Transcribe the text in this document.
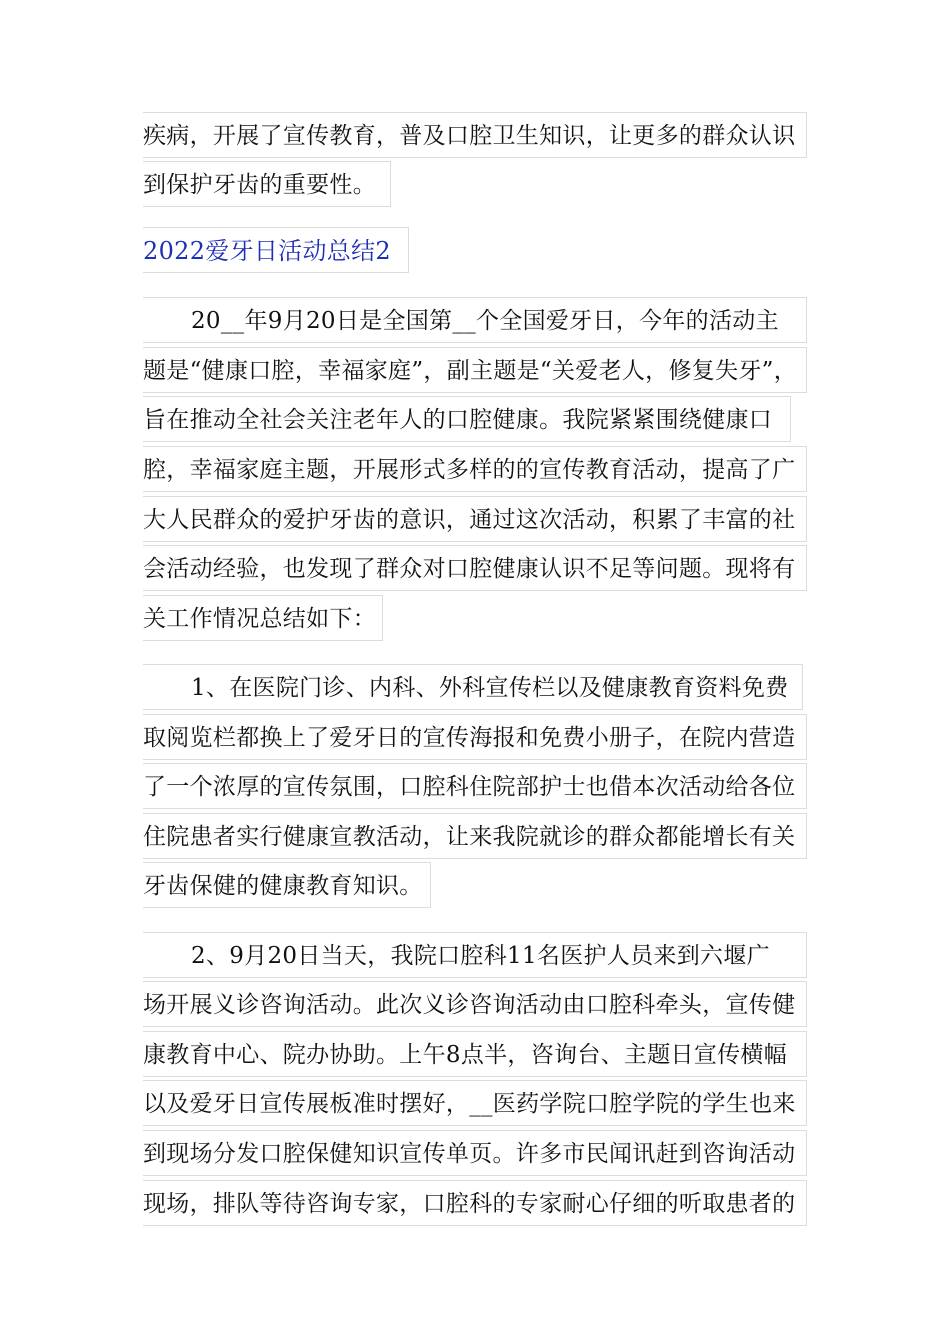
疾病，开展了宣传教育，普及口腔卫生知识，让更多的群众认识
到保护牙齿的重要性。
2022爱牙日活动总结2
20__年9月20日是全国第__个全国爱牙日，今年的活动主
题是“健康口腔，幸福家庭”，副主题是“关爱老人，修复失牙”，
旨在推动全社会关注老年人的口腔健康。我院紧紧围绕健康口
腔，幸福家庭主题，开展形式多样的的宣传教育活动，提高了广
大人民群众的爱护牙齿的意识，通过这次活动，积累了丰富的社
会活动经验，也发现了群众对口腔健康认识不足等问题。现将有
关工作情况总结如下：
1、在医院门诊、内科、外科宣传栏以及健康教育资料免费
取阅览栏都换上了爱牙日的宣传海报和免费小册子，在院内营造
了一个浓厚的宣传氛围，口腔科住院部护士也借本次活动给各位
住院患者实行健康宣教活动，让来我院就诊的群众都能增长有关
牙齿保健的健康教育知识。
2、9月20日当天，我院口腔科11名医护人员来到六堰广
场开展义诊咨询活动。此次义诊咨询活动由口腔科牵头，宣传健
康教育中心、院办协助。上午8点半，咨询台、主题日宣传横幅
以及爱牙日宣传展板准时摆好，__医药学院口腔学院的学生也来
到现场分发口腔保健知识宣传单页。许多市民闻讯赶到咨询活动
现场，排队等待咨询专家，口腔科的专家耐心仔细的听取患者的
